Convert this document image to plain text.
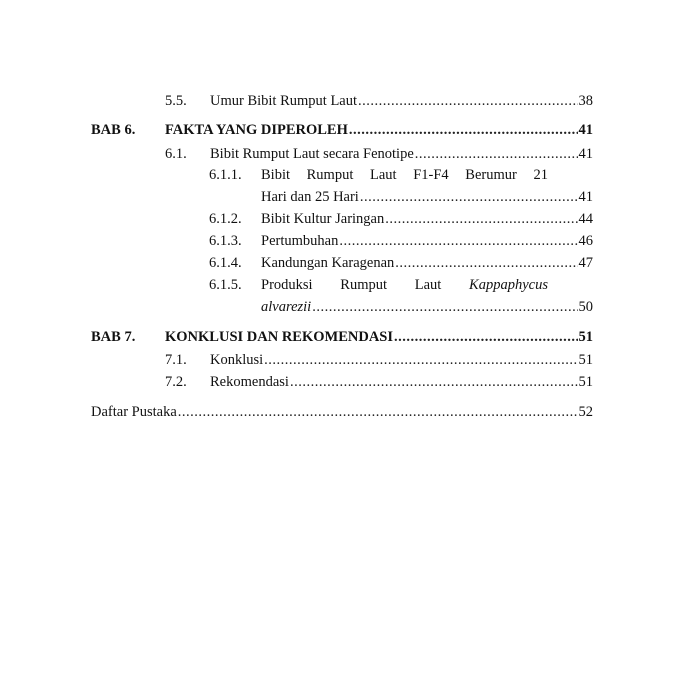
5.5.	Umur Bibit Rumput Laut .....	38
BAB 6.	FAKTA YANG DIPEROLEH .....	41
6.1.	Bibit Rumput Laut secara Fenotipe .....	41
6.1.1.	Bibit Rumput Laut F1-F4 Berumur 21
Hari dan 25 Hari .....	41
6.1.2.	Bibit Kultur Jaringan .....	44
6.1.3.	Pertumbuhan .....	46
6.1.4.	Kandungan Karagenan .....	47
6.1.5.	Produksi Rumput Laut Kappaphycus
alvarezii .....	50
BAB 7.	KONKLUSI DAN REKOMENDASI .....	51
7.1.	Konklusi .....	51
7.2.	Rekomendasi .....	51
Daftar Pustaka .....	52
